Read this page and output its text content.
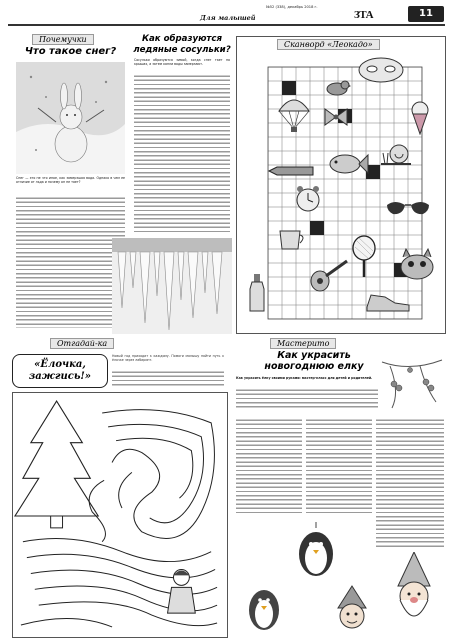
№52 (338), декабрь 2018 г.
Для малышей	ЗТА	11
Почемучки
Что такое снег?
Снег — это не что иное, как замерзшая вода. Однако в чем ее отличие от льда и почему он не тает?
Как образуются ледяные сосульки?
Сосульки образуются зимой, когда снег тает на крышах, а затем капли воды замерзают.
Сканворд «Леокадо»
Отгадай-ка
«Ёлочка, зажгись!»
Новый год приходит к каждому. Помоги малышу найти путь к ёлочке через лабиринт.
Мастерито
Как украсить новогоднюю елку
Как украсить ёлку своими руками: мастер-класс для детей и родителей.
